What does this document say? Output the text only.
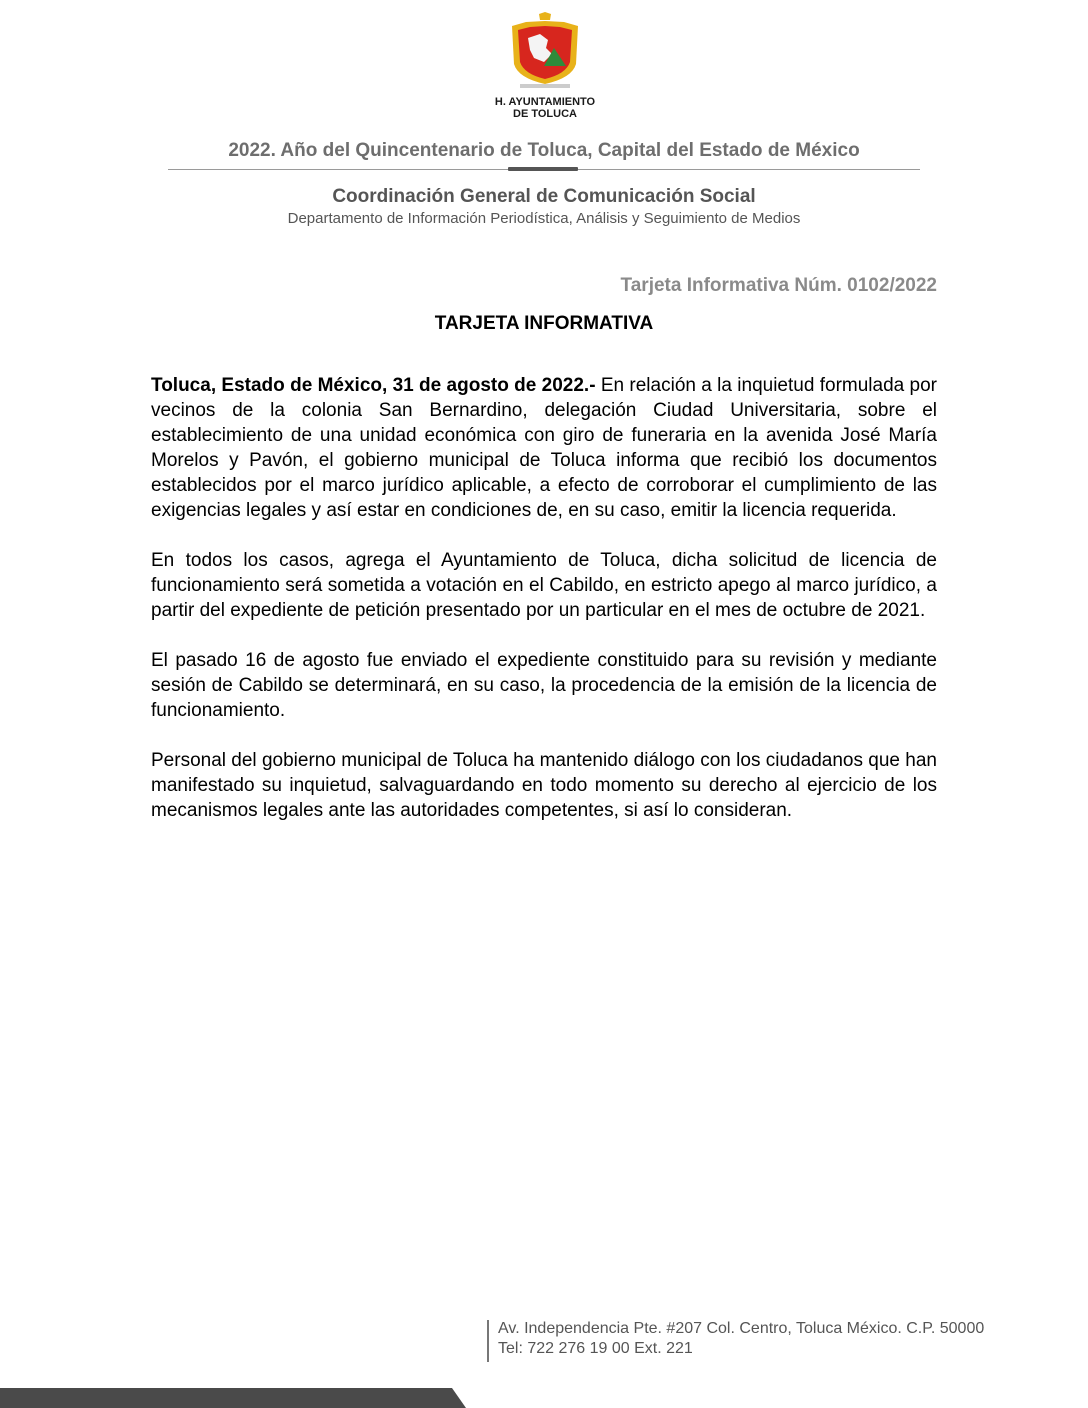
H. AYUNTAMIENTO
DE TOLUCA
2022. Año del Quincentenario de Toluca, Capital del Estado de México
Coordinación General de Comunicación Social
Departamento de Información Periodística, Análisis y Seguimiento de Medios
Tarjeta Informativa Núm. 0102/2022
TARJETA INFORMATIVA

Toluca, Estado de México, 31 de agosto de 2022.- En relación a la inquietud formulada por vecinos de la colonia San Bernardino, delegación Ciudad Universitaria, sobre el establecimiento de una unidad económica con giro de funeraria en la avenida José María Morelos y Pavón, el gobierno municipal de Toluca informa que recibió los documentos establecidos por el marco jurídico aplicable, a efecto de corroborar el cumplimiento de las exigencias legales y así estar en condiciones de, en su caso, emitir la licencia requerida.

En todos los casos, agrega el Ayuntamiento de Toluca, dicha solicitud de licencia de funcionamiento será sometida a votación en el Cabildo, en estricto apego al marco jurídico, a partir del expediente de petición presentado por un particular en el mes de octubre de 2021.

El pasado 16 de agosto fue enviado el expediente constituido para su revisión y mediante sesión de Cabildo se determinará, en su caso, la procedencia de la emisión de la licencia de funcionamiento.

Personal del gobierno municipal de Toluca ha mantenido diálogo con los ciudadanos que han manifestado su inquietud, salvaguardando en todo momento su derecho al ejercicio de los mecanismos legales ante las autoridades competentes, si así lo consideran.

Av. Independencia Pte. #207 Col. Centro, Toluca México. C.P. 50000
Tel: 722 276 19 00 Ext. 221
